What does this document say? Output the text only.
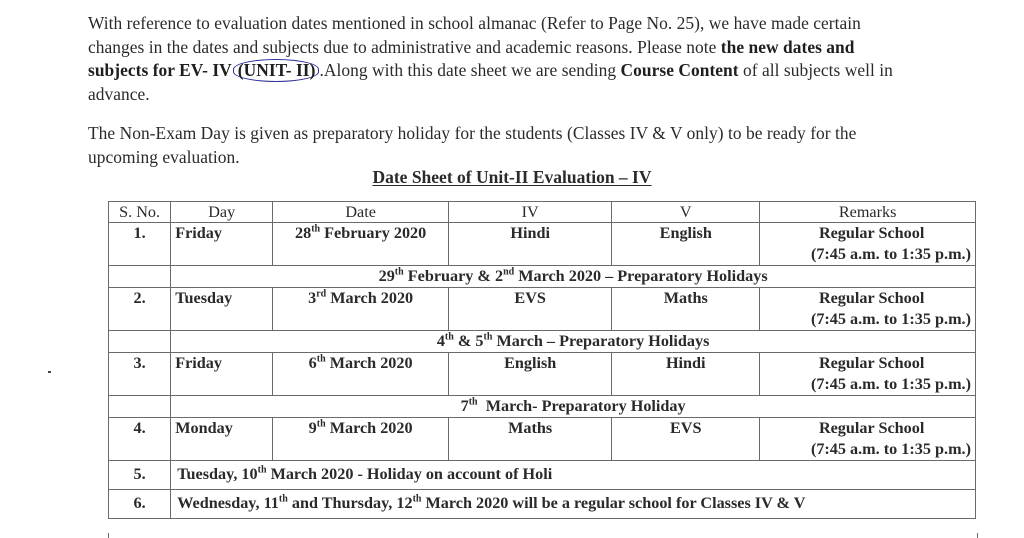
With reference to evaluation dates mentioned in school almanac (Refer to Page No. 25), we have made certain changes in the dates and subjects due to administrative and academic reasons. Please note the new dates and subjects for EV- IV (UNIT- II) .Along with this date sheet we are sending Course Content of all subjects well in advance.

The Non-Exam Day is given as preparatory holiday for the students (Classes IV & V only) to be ready for the upcoming evaluation.

Date Sheet of Unit-II Evaluation – IV
S. No.	Day	Date	IV	V	Remarks
1.	Friday	28th February 2020	Hindi	English	Regular School
(7:45 a.m. to 1:35 p.m.)

	29th February & 2nd March 2020 – Preparatory Holidays				
2.	Tuesday	3rd March 2020	EVS	Maths	Regular School
(7:45 a.m. to 1:35 p.m.)

	4th & 5th March – Preparatory Holidays				
3.	Friday	6th March 2020	English	Hindi	Regular School
(7:45 a.m. to 1:35 p.m.)

	7th  March- Preparatory Holiday				
4.	Monday	9th March 2020	Maths	EVS	Regular School
(7:45 a.m. to 1:35 p.m.)

5.	Tuesday, 10th March 2020 - Holiday on account of Holi				
6.	Wednesday, 11th and Thursday, 12th March 2020 will be a regular school for Classes IV & V				
